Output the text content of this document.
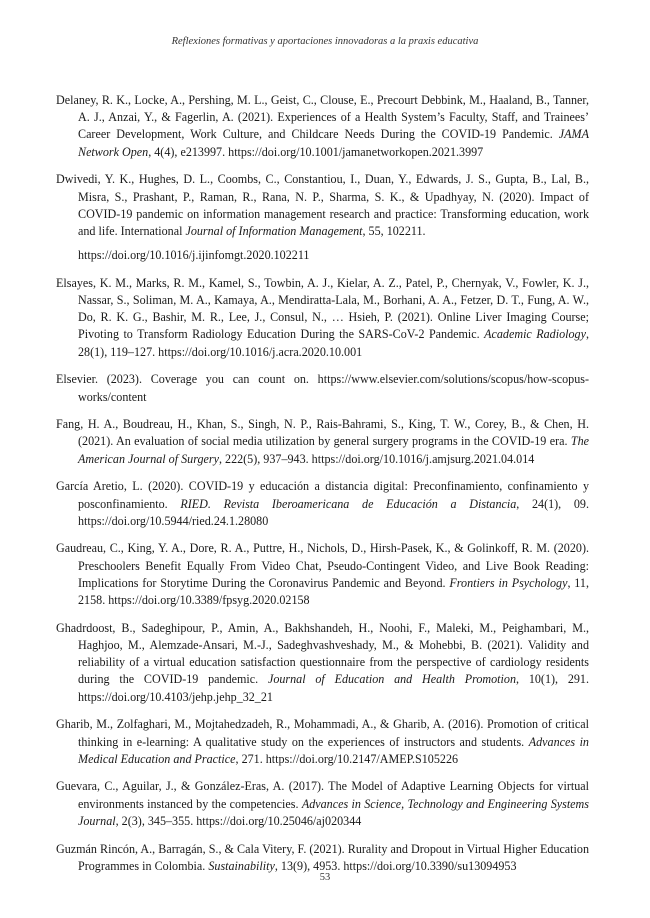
Reflexiones formativas y aportaciones innovadoras a la praxis educativa

Delaney, R. K., Locke, A., Pershing, M. L., Geist, C., Clouse, E., Precourt Debbink, M., Haaland, B., Tanner, A. J., Anzai, Y., & Fagerlin, A. (2021). Experiences of a Health System’s Faculty, Staff, and Trainees’ Career Development, Work Culture, and Childcare Needs During the COVID-19 Pandemic. JAMA Network Open, 4(4), e213997. https://doi.org/10.1001/jamanetworkopen.2021.3997

Dwivedi, Y. K., Hughes, D. L., Coombs, C., Constantiou, I., Duan, Y., Edwards, J. S., Gupta, B., Lal, B., Misra, S., Prashant, P., Raman, R., Rana, N. P., Sharma, S. K., & Upadhyay, N. (2020). Impact of COVID-19 pandemic on information management research and practice: Transforming education, work and life. International Journal of Information Management, 55, 102211.
https://doi.org/10.1016/j.ijinfomgt.2020.102211

Elsayes, K. M., Marks, R. M., Kamel, S., Towbin, A. J., Kielar, A. Z., Patel, P., Chernyak, V., Fowler, K. J., Nassar, S., Soliman, M. A., Kamaya, A., Mendiratta-Lala, M., Borhani, A. A., Fetzer, D. T., Fung, A. W., Do, R. K. G., Bashir, M. R., Lee, J., Consul, N., … Hsieh, P. (2021). Online Liver Imaging Course; Pivoting to Transform Radiology Education During the SARS-CoV-2 Pandemic. Academic Radiology, 28(1), 119–127. https://doi.org/10.1016/j.acra.2020.10.001

Elsevier. (2023). Coverage you can count on. https://www.elsevier.com/solutions/scopus/how-scopus-works/content

Fang, H. A., Boudreau, H., Khan, S., Singh, N. P., Rais-Bahrami, S., King, T. W., Corey, B., & Chen, H. (2021). An evaluation of social media utilization by general surgery programs in the COVID-19 era. The American Journal of Surgery, 222(5), 937–943. https://doi.org/10.1016/j.amjsurg.2021.04.014

García Aretio, L. (2020). COVID-19 y educación a distancia digital: Preconfinamiento, confinamiento y posconfinamiento. RIED. Revista Iberoamericana de Educación a Distancia, 24(1), 09. https://doi.org/10.5944/ried.24.1.28080

Gaudreau, C., King, Y. A., Dore, R. A., Puttre, H., Nichols, D., Hirsh-Pasek, K., & Golinkoff, R. M. (2020). Preschoolers Benefit Equally From Video Chat, Pseudo-Contingent Video, and Live Book Reading: Implications for Storytime During the Coronavirus Pandemic and Beyond. Frontiers in Psychology, 11, 2158. https://doi.org/10.3389/fpsyg.2020.02158

Ghadrdoost, B., Sadeghipour, P., Amin, A., Bakhshandeh, H., Noohi, F., Maleki, M., Peighambari, M., Haghjoo, M., Alemzade-Ansari, M.-J., Sadeghvashveshady, M., & Mohebbi, B. (2021). Validity and reliability of a virtual education satisfaction questionnaire from the perspective of cardiology residents during the COVID-19 pandemic. Journal of Education and Health Promotion, 10(1), 291. https://doi.org/10.4103/jehp.jehp_32_21

Gharib, M., Zolfaghari, M., Mojtahedzadeh, R., Mohammadi, A., & Gharib, A. (2016). Promotion of critical thinking in e-learning: A qualitative study on the experiences of instructors and students. Advances in Medical Education and Practice, 271. https://doi.org/10.2147/AMEP.S105226

Guevara, C., Aguilar, J., & González-Eras, A. (2017). The Model of Adaptive Learning Objects for virtual environments instanced by the competencies. Advances in Science, Technology and Engineering Systems Journal, 2(3), 345–355. https://doi.org/10.25046/aj020344

Guzmán Rincón, A., Barragán, S., & Cala Vitery, F. (2021). Rurality and Dropout in Virtual Higher Education Programmes in Colombia. Sustainability, 13(9), 4953. https://doi.org/10.3390/su13094953

53
